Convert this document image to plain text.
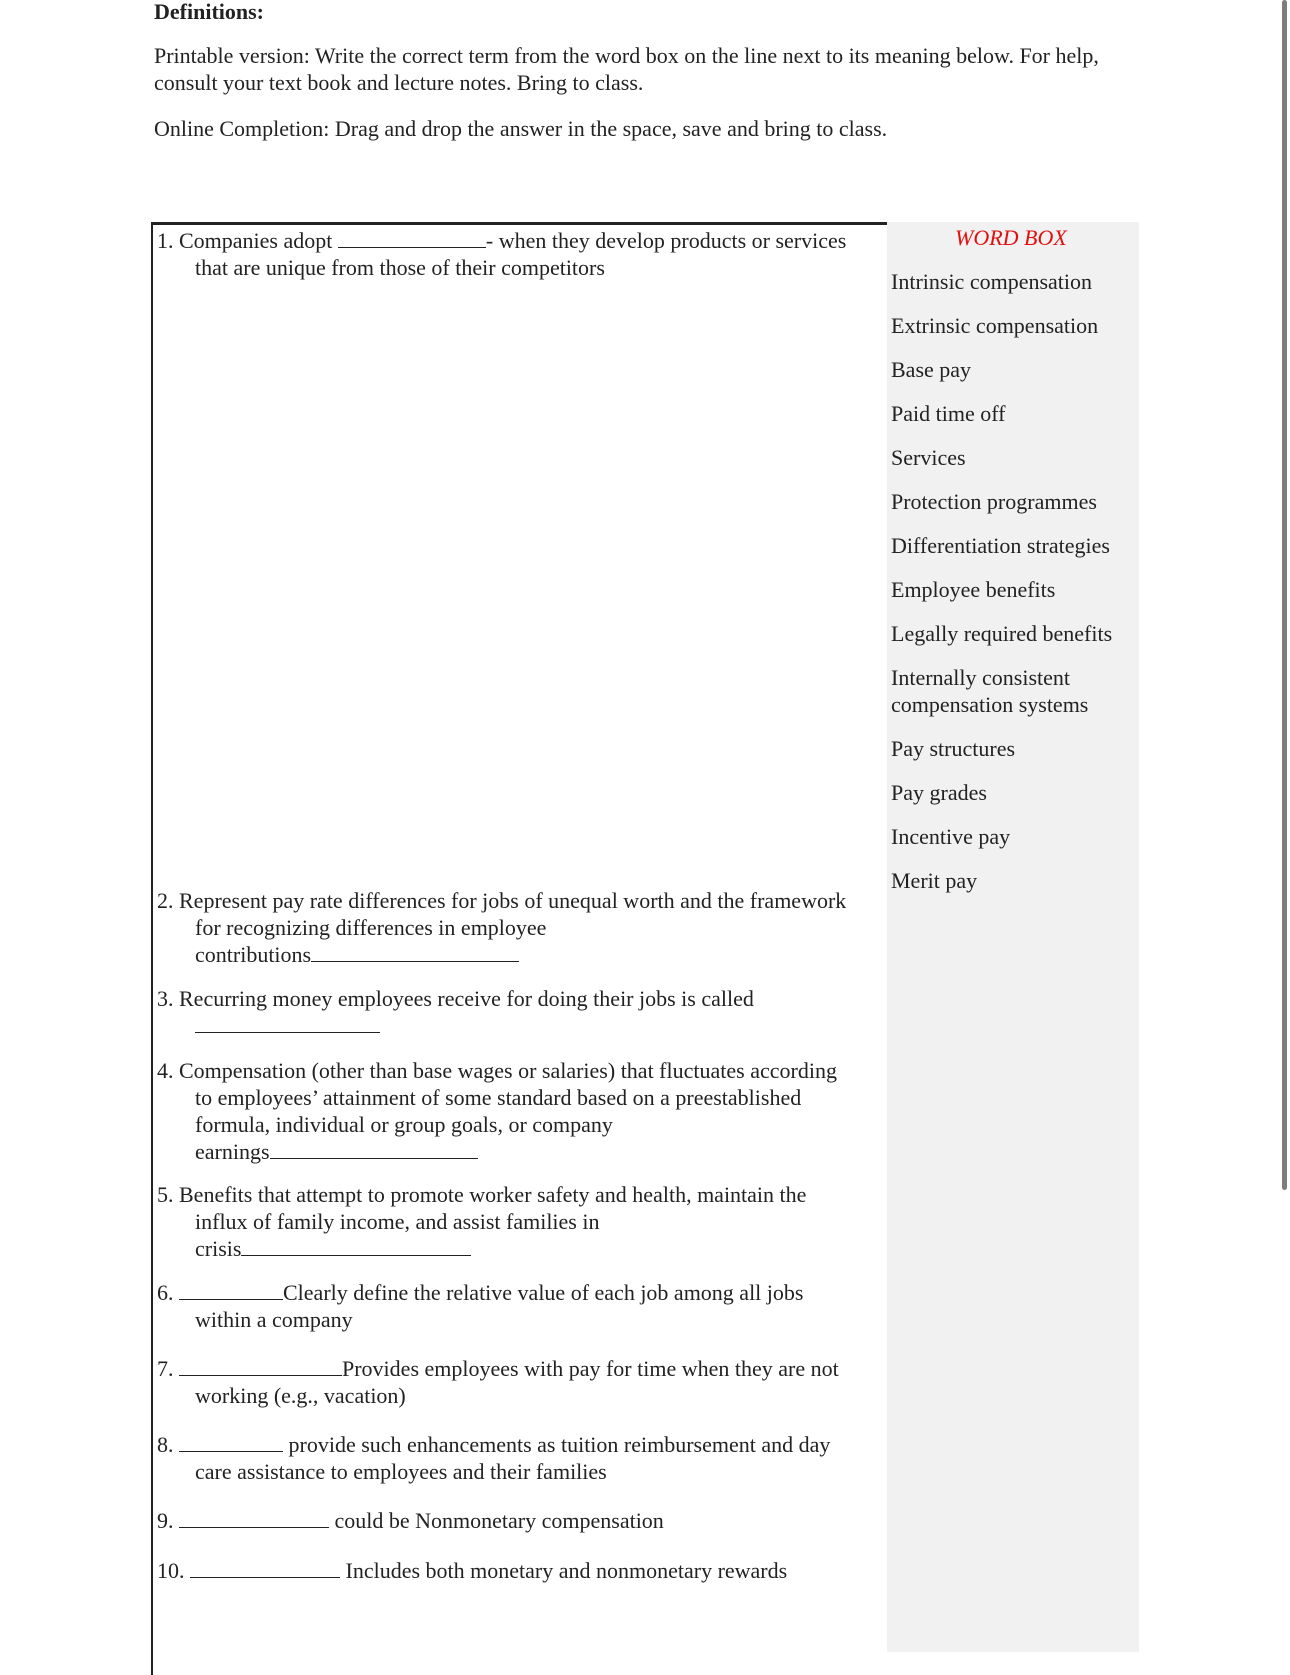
Definitions:
Printable version: Write the correct term from the word box on the line next to its meaning below. For help, consult your text book and lecture notes. Bring to class.
Online Completion: Drag and drop the answer in the space, save and bring to class.
1. Companies adopt	- when they develop products or services
that are unique from those of their competitors
2. Represent pay rate differences for jobs of unequal worth and the framework
for recognizing differences in employee
contributions
3. Recurring money employees receive for doing their jobs is called
4. Compensation (other than base wages or salaries) that fluctuates according
to employees’ attainment of some standard based on a preestablished
formula, individual or group goals, or company
earnings
5. Benefits that attempt to promote worker safety and health, maintain the
influx of family income, and assist families in
crisis
6.	Clearly define the relative value of each job among all jobs
within a company
7.	Provides employees with pay for time when they are not
working (e.g., vacation)
8.	provide such enhancements as tuition reimbursement and day
care assistance to employees and their families
9.	could be Nonmonetary compensation
10.	Includes both monetary and nonmonetary rewards
WORD BOX
Intrinsic compensation
Extrinsic compensation
Base pay
Paid time off
Services
Protection programmes
Differentiation strategies
Employee benefits
Legally required benefits
Internally consistent compensation systems
Pay structures
Pay grades
Incentive pay
Merit pay
